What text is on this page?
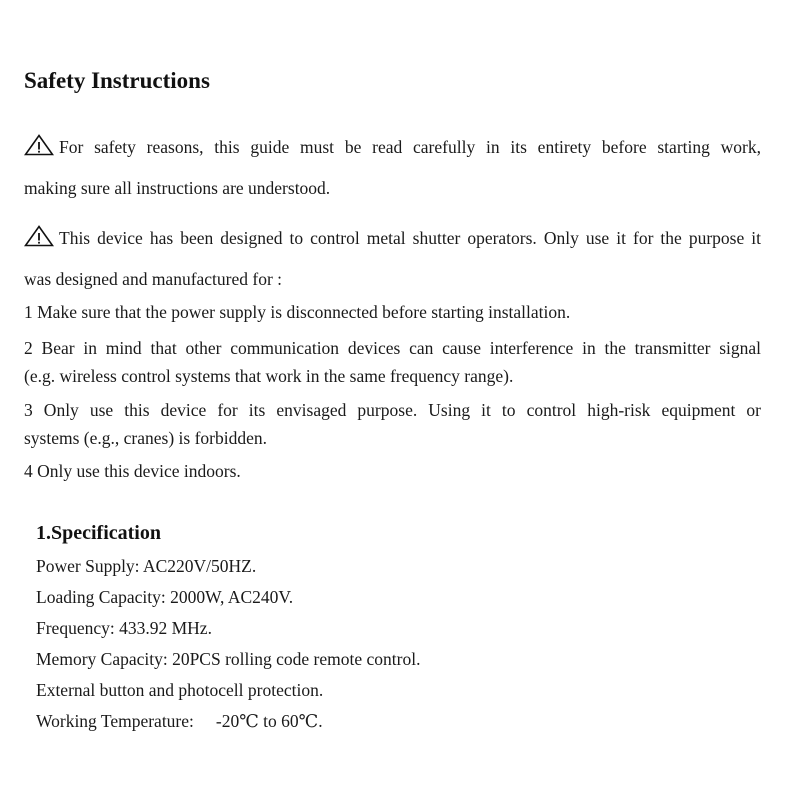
Safety Instructions
For safety reasons, this guide must be read carefully in its entirety before starting work,
making sure all instructions are understood.
This device has been designed to control metal shutter operators. Only use it for the purpose it
was designed and manufactured for :
1 Make sure that the power supply is disconnected before starting installation.
2 Bear in mind that other communication devices can cause interference in the transmitter signal
(e.g. wireless control systems that work in the same frequency range).
3 Only use this device for its envisaged purpose. Using it to control high-risk equipment or
systems (e.g., cranes) is forbidden.
4 Only use this device indoors.
1.Specification
Power Supply: AC220V/50HZ.
Loading Capacity: 2000W, AC240V.
Frequency: 433.92 MHz.
Memory Capacity: 20PCS rolling code remote control.
External button and photocell protection.
Working Temperature: -20℃ to 60℃.
